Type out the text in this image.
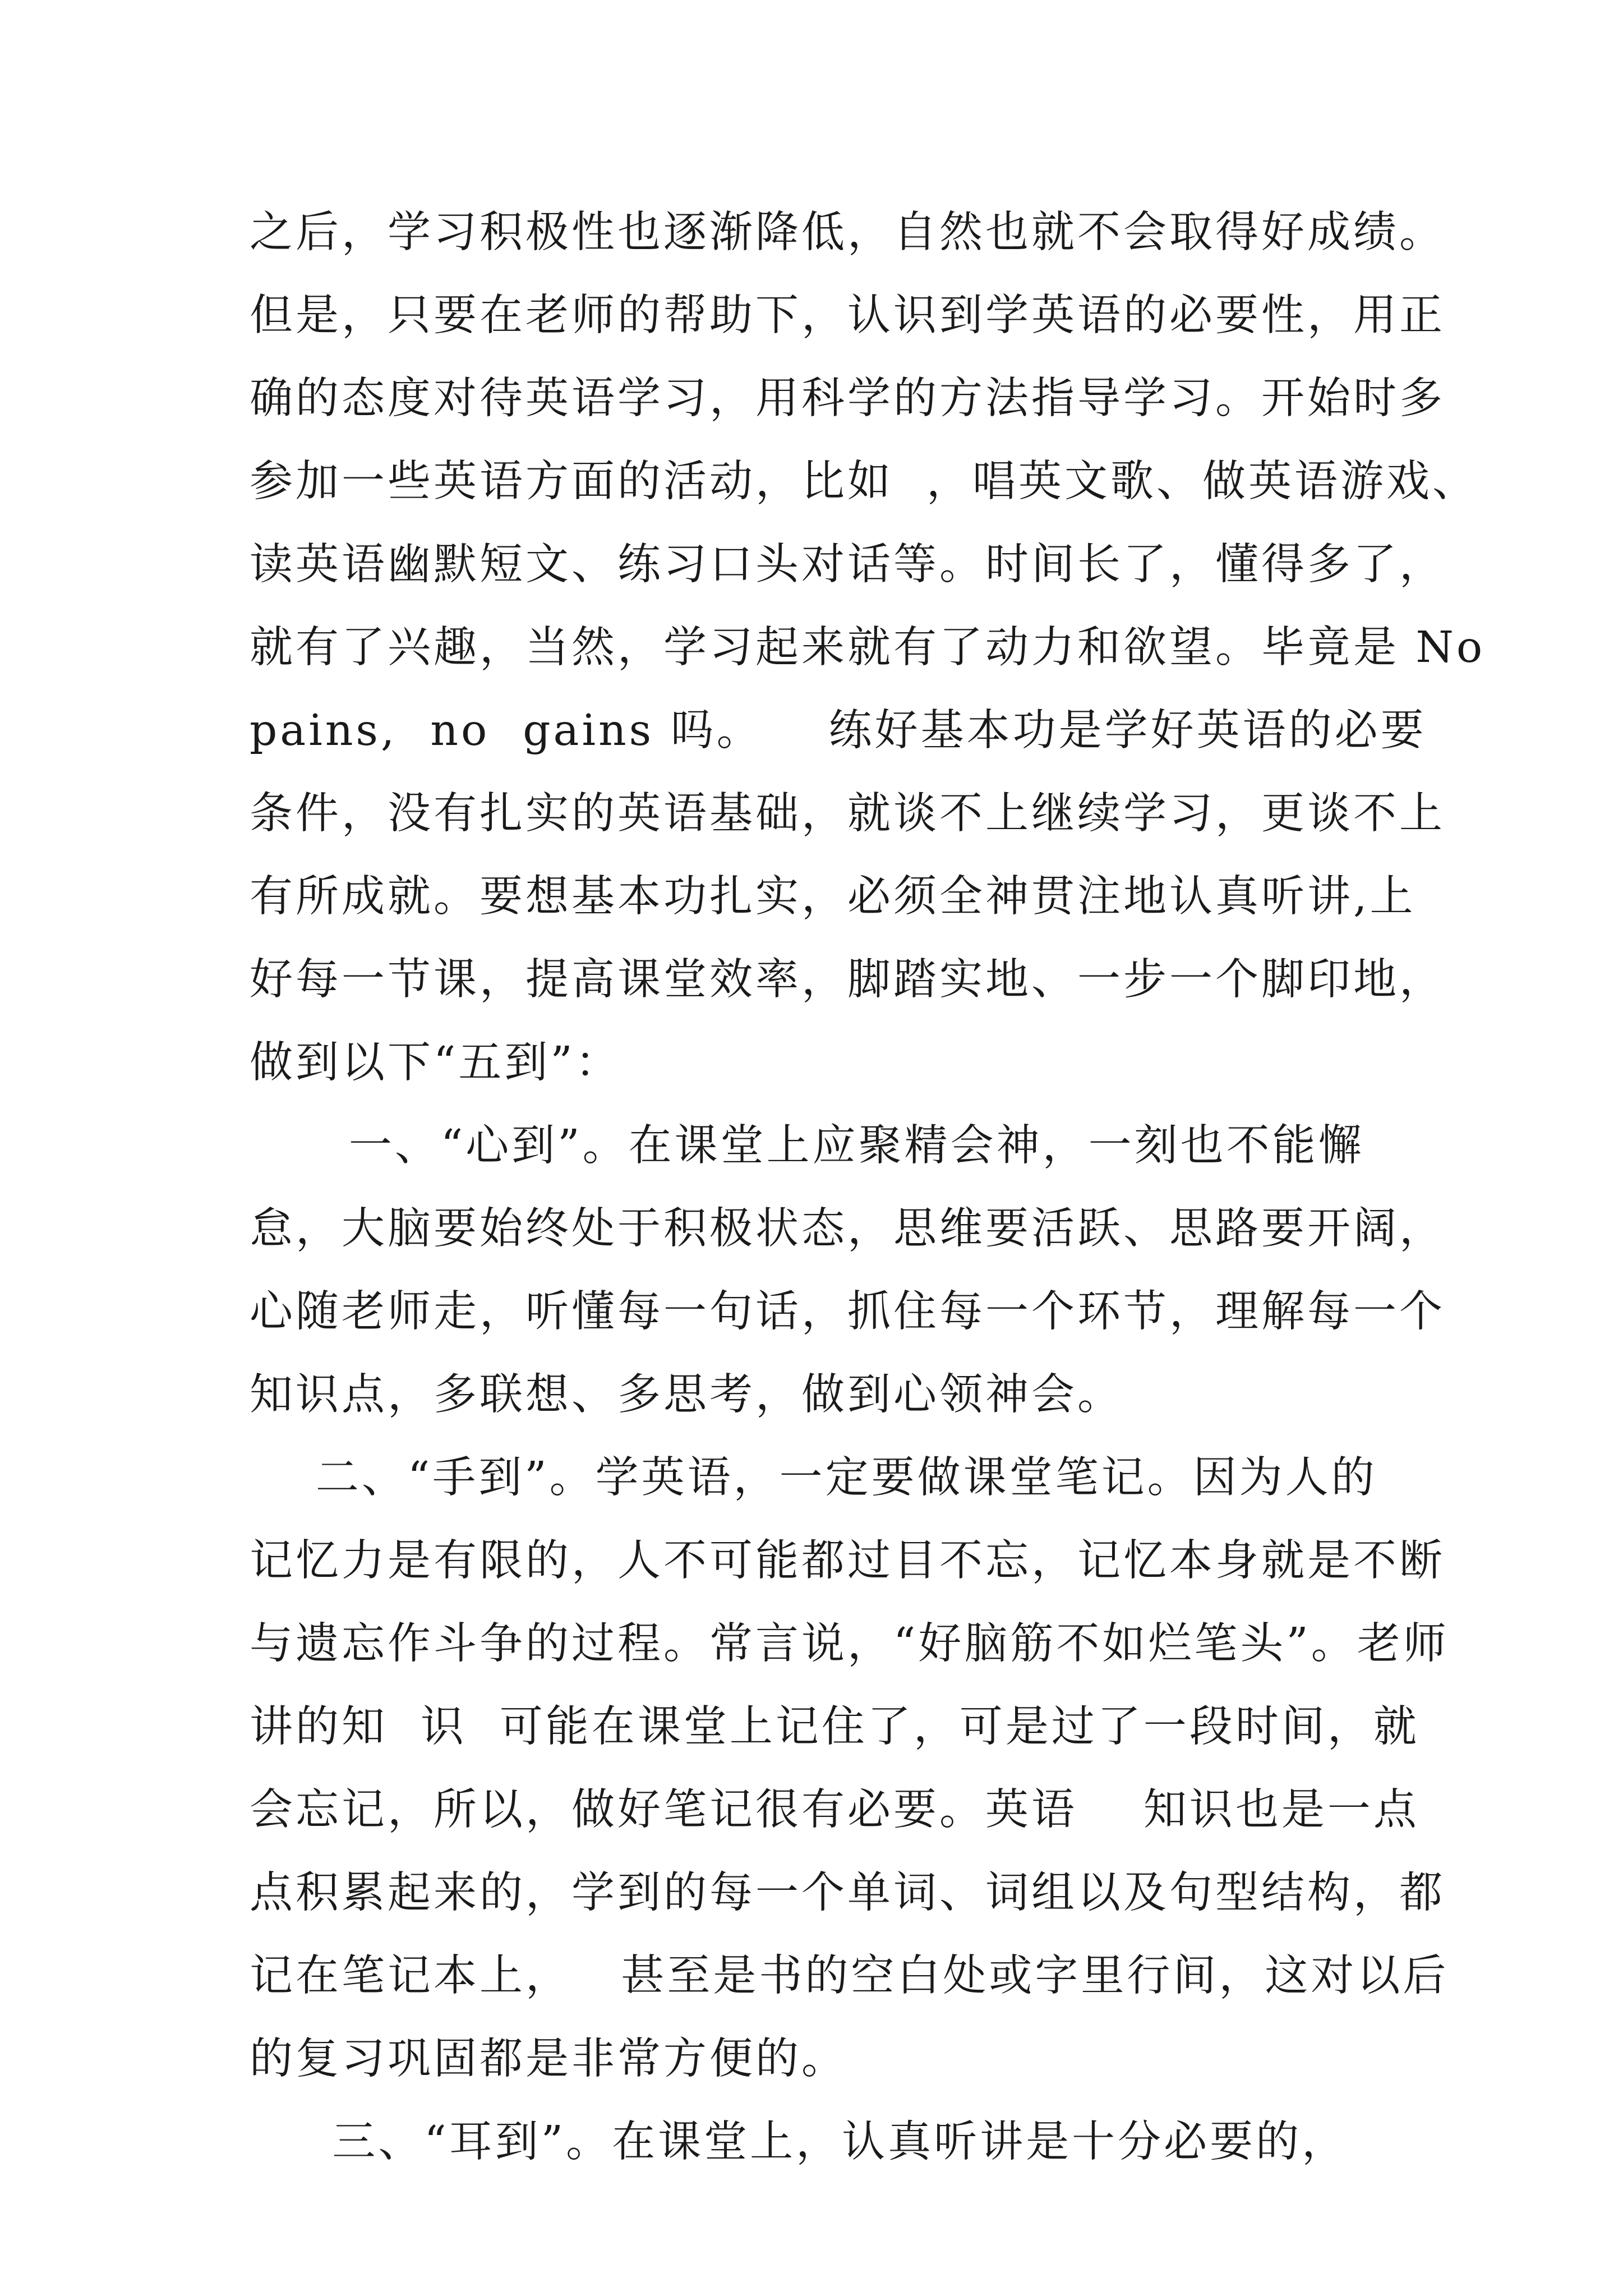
之后，学习积极性也逐渐降低，自然也就不会取得好成绩。
但是，只要在老师的帮助下，认识到学英语的必要性，用正
确的态度对待英语学习，用科学的方法指导学习。开始时多
参加一些英语方面的活动，比如  ，唱英文歌、做英语游戏、
读英语幽默短文、练习口头对话等。时间长了，懂得多了，
就有了兴趣，当然，学习起来就有了动力和欲望。毕竟是 No
pains,  no  gains 吗。    练好基本功是学好英语的必要
条件，没有扎实的英语基础，就谈不上继续学习，更谈不上
有所成就。要想基本功扎实，必须全神贯注地认真听讲,上
好每一节课，提高课堂效率，脚踏实地、一步一个脚印地，
做到以下“五到”：
一、“心到”。在课堂上应聚精会神，一刻也不能懈
怠，大脑要始终处于积极状态，思维要活跃、思路要开阔，
心随老师走，听懂每一句话，抓住每一个环节，理解每一个
知识点，多联想、多思考，做到心领神会。
二、“手到”。学英语，一定要做课堂笔记。因为人的
记忆力是有限的，人不可能都过目不忘，记忆本身就是不断
与遗忘作斗争的过程。常言说，“好脑筋不如烂笔头”。老师
讲的知  识  可能在课堂上记住了，可是过了一段时间，就
会忘记，所以，做好笔记很有必要。英语    知识也是一点
点积累起来的，学到的每一个单词、词组以及句型结构，都
记在笔记本上，   甚至是书的空白处或字里行间，这对以后
的复习巩固都是非常方便的。
三、“耳到”。在课堂上，认真听讲是十分必要的，
